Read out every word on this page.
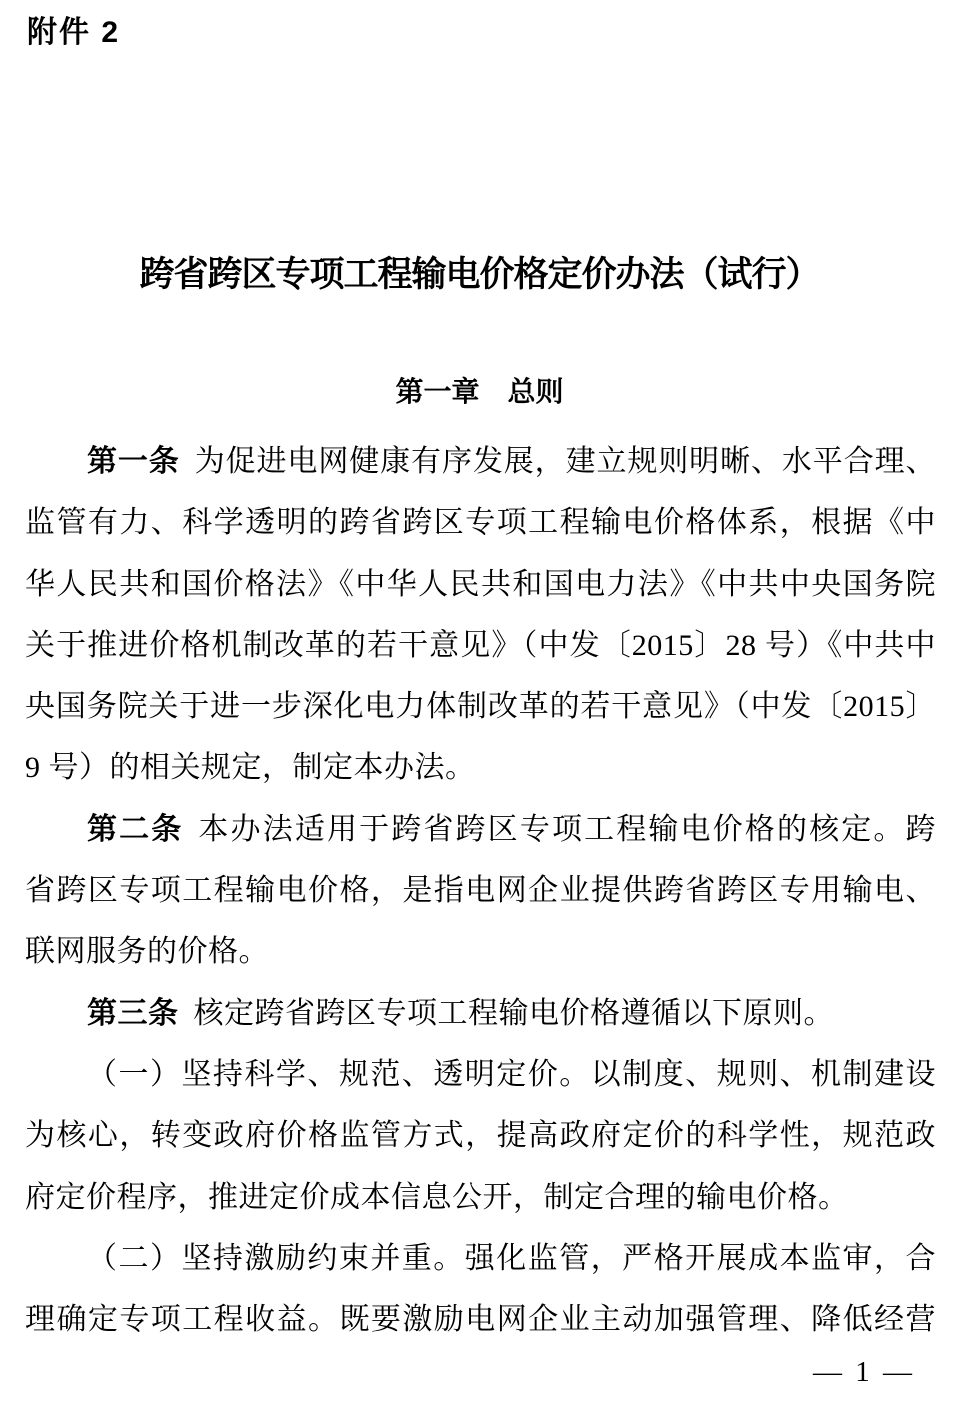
附件 2
跨省跨区专项工程输电价格定价办法（试行）
第一章　总则
第一条 为促进电网健康有序发展，建立规则明晰、水平合理、
监管有力、科学透明的跨省跨区专项工程输电价格体系，根据《中
华人民共和国价格法》《中华人民共和国电力法》《中共中央国务院
关于推进价格机制改革的若干意见》（中发〔2015〕28 号）《中共中
央国务院关于进一步深化电力体制改革的若干意见》（中发〔2015〕
9 号）的相关规定，制定本办法。
第二条 本办法适用于跨省跨区专项工程输电价格的核定。跨
省跨区专项工程输电价格，是指电网企业提供跨省跨区专用输电、
联网服务的价格。
第三条 核定跨省跨区专项工程输电价格遵循以下原则。
（一）坚持科学、规范、透明定价。以制度、规则、机制建设
为核心，转变政府价格监管方式，提高政府定价的科学性，规范政
府定价程序，推进定价成本信息公开，制定合理的输电价格。
（二）坚持激励约束并重。强化监管，严格开展成本监审，合
理确定专项工程收益。既要激励电网企业主动加强管理、降低经营
— 1 —
